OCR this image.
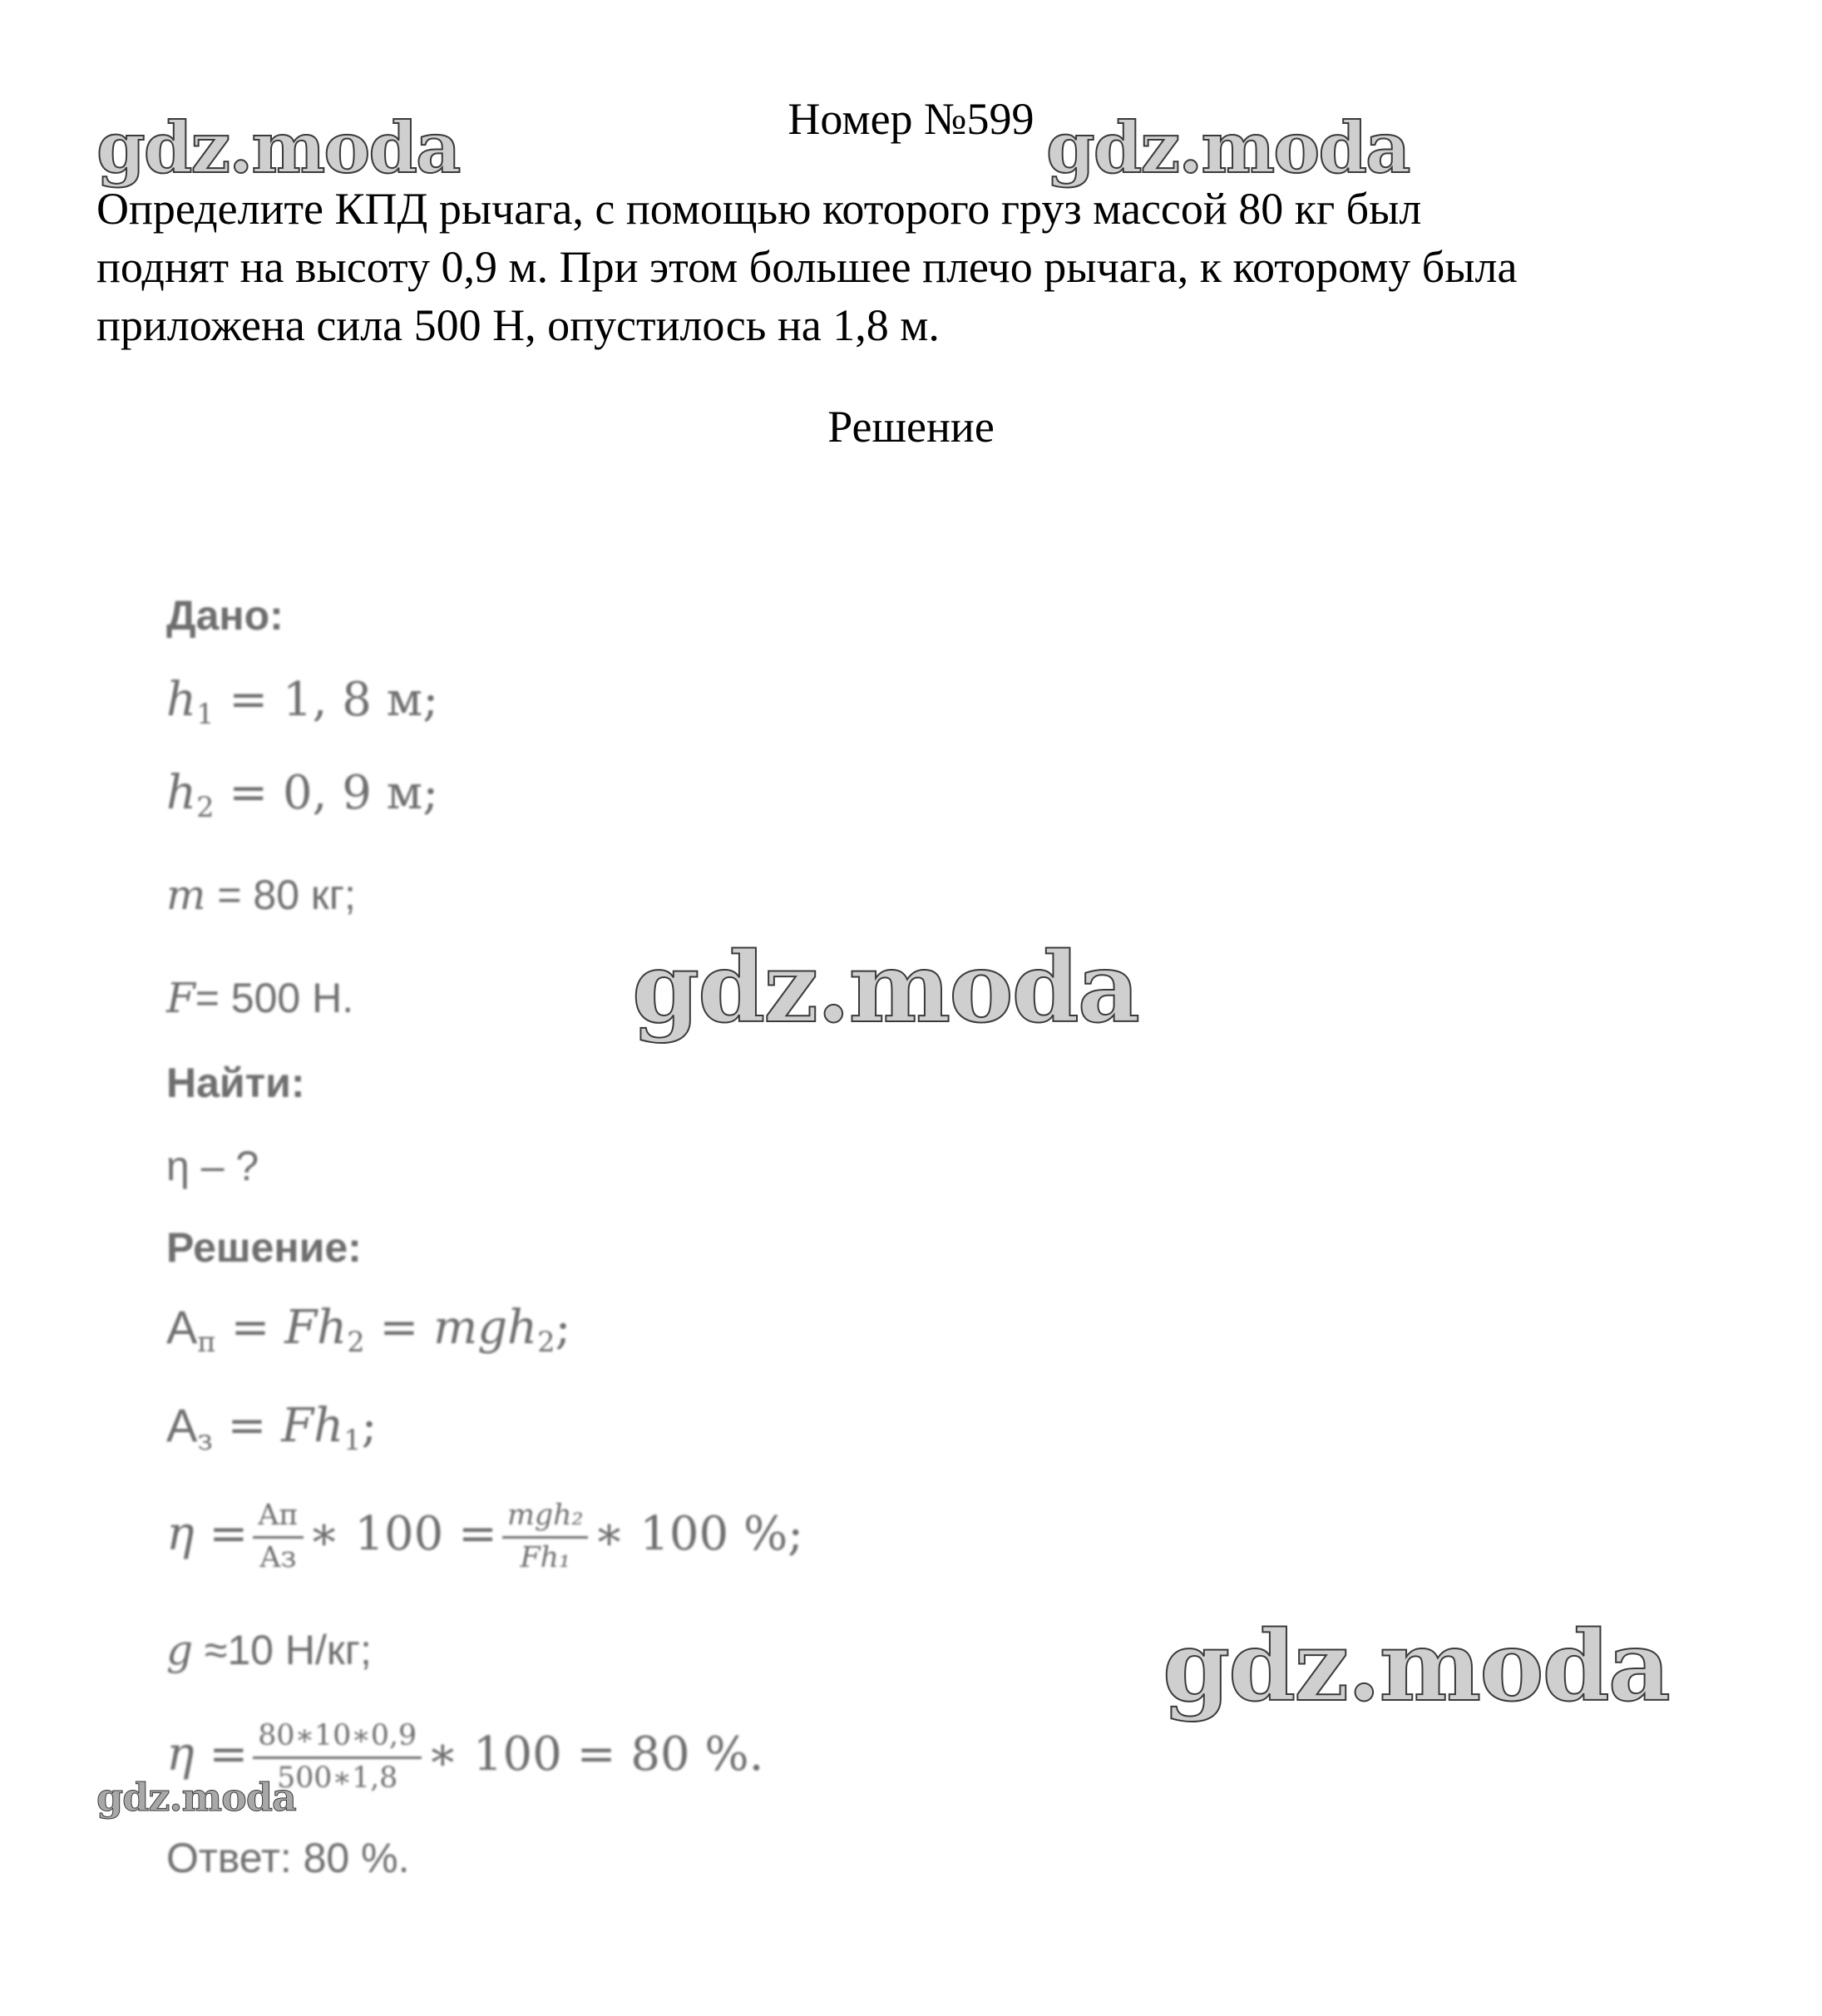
Номер №599
Определите КПД рычага, с помощью которого груз массой 80 кг был
поднят на высоту 0,9 м. При этом большее плечо рычага, к которому была
приложена сила 500 Н, опустилось на 1,8 м.
Решение
Дано:
$h_1 = 1$, 8 м;
$h_2 = 0$, 9 м;
m = 80 кг;
F= 500 Н.
Найти:
η – ?
Решение:
$A_п = Fh_2 = mgh_2$;
$A_з = Fh_1$;
$\eta = \frac{Aп}{Aз}$ ∗ $100 = \frac{\text{mgh₂}}{\text{Fh₁}}$ ∗ 100 %;
g ≈10 Н/кг;
$\eta = \frac{80∗10∗0,9}{500∗1,8}$ ∗ 100 = 80 %.
Ответ: 80 %.
gdz.moda	gdz.moda
gdz.moda
gdz.moda
gdz.moda
